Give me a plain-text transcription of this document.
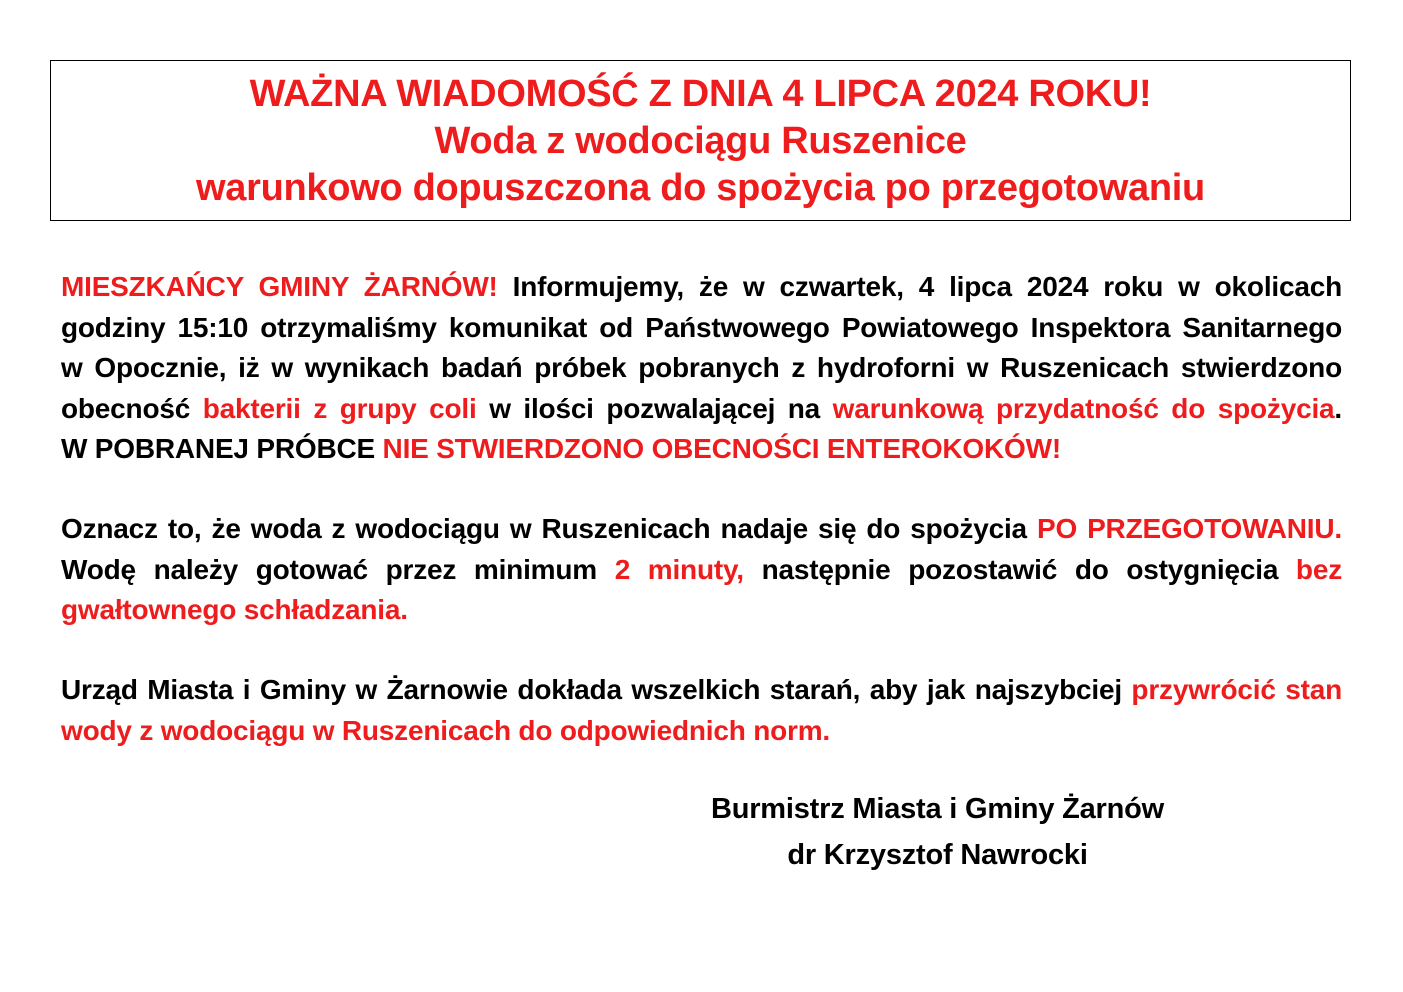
WAŻNA WIADOMOŚĆ Z DNIA 4 LIPCA 2024 ROKU!
Woda z wodociągu Ruszenice
warunkowo dopuszczona do spożycia po przegotowaniu
MIESZKAŃCY GMINY ŻARNÓW! Informujemy, że w czwartek, 4 lipca 2024 roku w okolicach
godziny 15:10 otrzymaliśmy komunikat od Państwowego Powiatowego Inspektora Sanitarnego
w Opocznie, iż w wynikach badań próbek pobranych z hydroforni w Ruszenicach stwierdzono
obecność bakterii z grupy coli w ilości pozwalającej na warunkową przydatność do spożycia.
W POBRANEJ PRÓBCE NIE STWIERDZONO OBECNOŚCI ENTEROKOKÓW!
Oznacz to, że woda z wodociągu w Ruszenicach nadaje się do spożycia PO PRZEGOTOWANIU.
Wodę należy gotować przez minimum 2 minuty, następnie pozostawić do ostygnięcia bez
gwałtownego schładzania.
Urząd Miasta i Gminy w Żarnowie dokłada wszelkich starań, aby jak najszybciej przywrócić stan
wody z wodociągu w Ruszenicach do odpowiednich norm.
Burmistrz Miasta i Gminy Żarnów
dr Krzysztof Nawrocki
